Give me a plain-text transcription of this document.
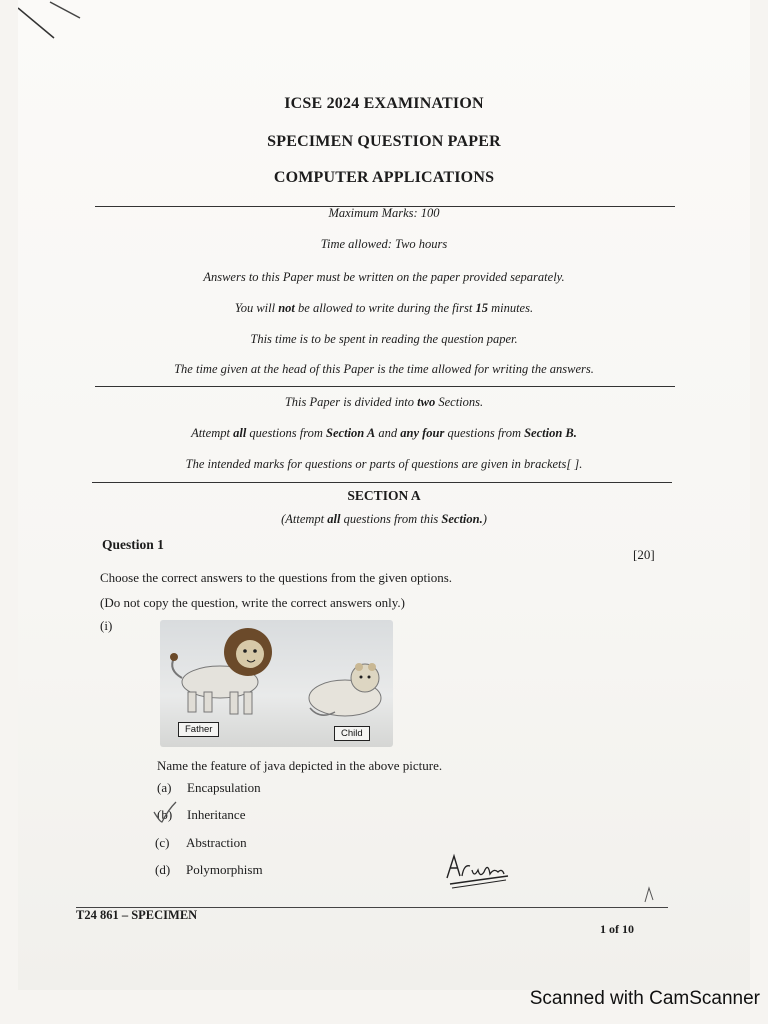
ICSE 2024 EXAMINATION
SPECIMEN QUESTION PAPER
COMPUTER APPLICATIONS
Maximum Marks: 100
Time allowed: Two hours
Answers to this Paper must be written on the paper provided separately.
You will not be allowed to write during the first 15 minutes.
This time is to be spent in reading the question paper.
The time given at the head of this Paper is the time allowed for writing the answers.
This Paper is divided into two Sections.
Attempt all questions from Section A and any four questions from Section B.
The intended marks for questions or parts of questions are given in brackets[ ].
SECTION A
(Attempt all questions from this Section.)
Question 1
[20]
Choose the correct answers to the questions from the given options.
(Do not copy the question, write the correct answers only.)
(i)
Father	Child
Name the feature of java depicted in the above picture.
(a) Encapsulation
(b) Inheritance
(c) Abstraction
(d) Polymorphism
T24 861 – SPECIMEN
1 of 10
Scanned with CamScanner
